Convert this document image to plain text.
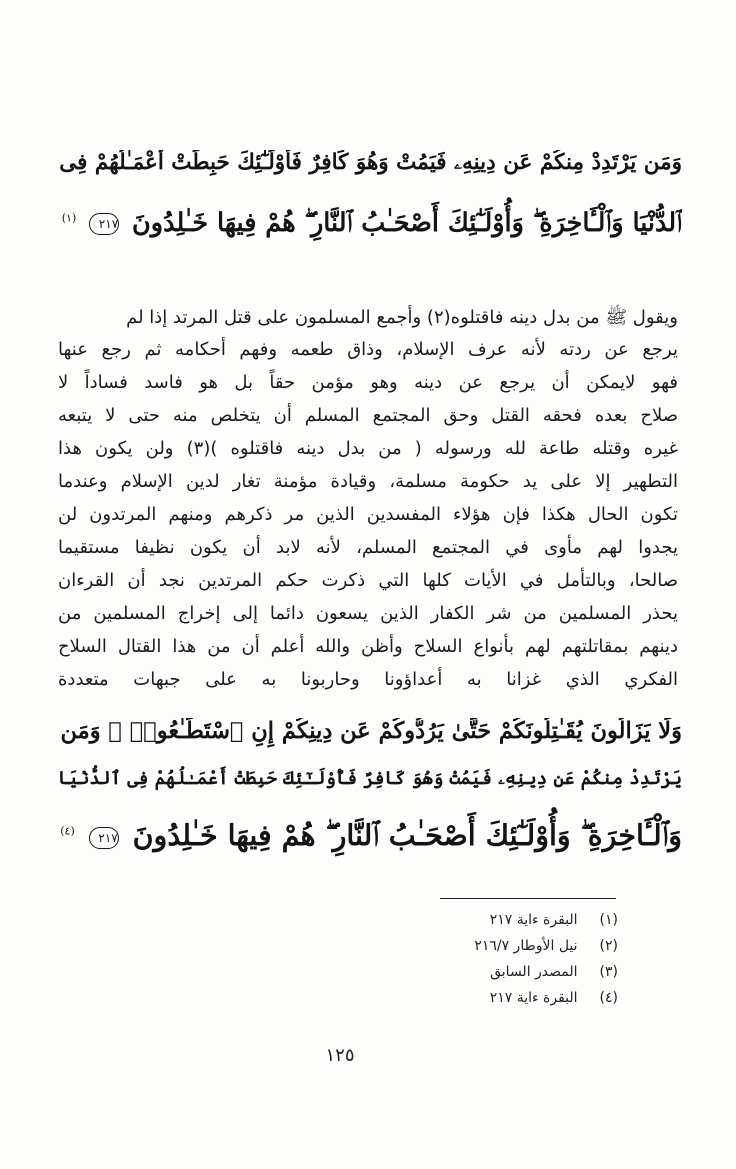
وَمَن يَرْتَدِدْ مِنكُمْ عَن دِينِهِۦ فَيَمُتْ وَهُوَ كَافِرٌ فَأُوْلَـٰٓئِكَ حَبِطَتْ أَعْمَـٰلُهُمْ فِى
ٱلدُّنْيَا وَٱلْـَٔاخِرَةِ ۖ وَأُوْلَـٰٓئِكَ أَصْحَـٰبُ ٱلنَّارِ ۖ هُمْ فِيهَا خَـٰلِدُونَ ٢١٧ $^{(١)}$
ويقول ﷺ من بدل دينه فاقتلوه(٢) وأجمع المسلمون على قتل المرتد إذا لم
يرجع عن ردته لأنه عرف الإسلام، وذاق طعمه وفهم أحكامه ثم رجع عنها
فهو لايمكن أن يرجع عن دينه وهو مؤمن حقاً بل هو فاسد فساداً لا
صلاح بعده فحقه القتل وحق المجتمع المسلم أن يتخلص منه حتى لا يتبعه
غيره وقتله طاعة لله ورسوله ( من بدل دينه فاقتلوه )(٣) ولن يكون هذا
التطهير إلا على يد حكومة مسلمة، وقيادة مؤمنة تغار لدين الإسلام وعندما
تكون الحال هكذا فإن هؤلاء المفسدين الذين مر ذكرهم ومنهم المرتدون لن
يجدوا لهم مأوى في المجتمع المسلم، لأنه لابد أن يكون نظيفا مستقيما
صالحا، وبالتأمل في الأيات كلها التي ذكرت حكم المرتدين نجد أن القرءان
يحذر المسلمين من شر الكفار الذين يسعون دائما إلى إخراج المسلمين من
دينهم بمقاتلتهم لهم بأنواع السلاح وأظن والله أعلم أن من هذا القتال السلاح
الفكري الذي غزانا به أعداؤونا وحاربونا به على جبهات متعددة
وَلَا يَزَالُونَ يُقَـٰتِلُونَكُمْ حَتَّىٰ يَرُدُّوكُمْ عَن دِينِكُمْ إِنِ ٱسْتَطَـٰعُوا۟ ۚ وَمَن
يَرْتَدِدْ مِنكُمْ عَن دِينِهِۦ فَيَمُتْ وَهُوَ كَافِرٌ فَأُوْلَـٰٓئِكَ حَبِطَتْ أَعْمَـٰلُهُمْ فِى ٱلدُّنْيَا
وَٱلْـَٔاخِرَةِ ۖ وَأُوْلَـٰٓئِكَ أَصْحَـٰبُ ٱلنَّارِ ۖ هُمْ فِيهَا خَـٰلِدُونَ ٢١٧ $^{(٤)}$
(١) البقرة ءاية ٢١٧
(٢) نيل الأوطار ٢١٦/٧
(٣) المصدر السابق
(٤) البقرة ءاية ٢١٧
١٢٥
